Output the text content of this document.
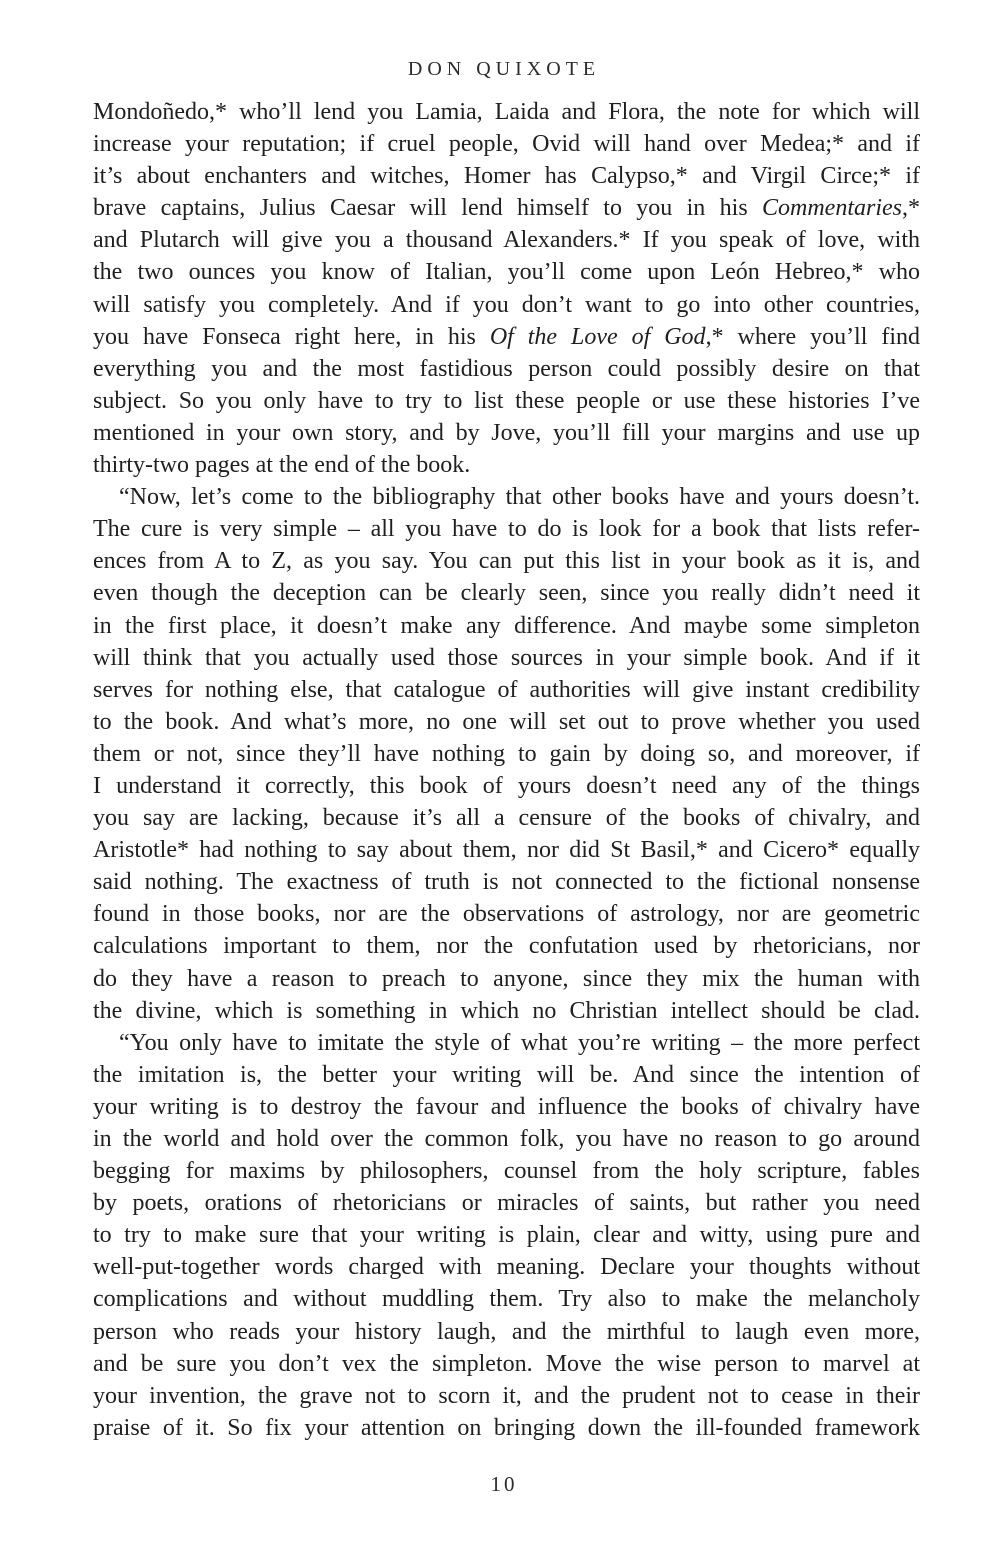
DON QUIXOTE
Mondoñedo,* who’ll lend you Lamia, Laida and Flora, the note for which will
increase your reputation; if cruel people, Ovid will hand over Medea;* and if
it’s about enchanters and witches, Homer has Calypso,* and Virgil Circe;* if
brave captains, Julius Caesar will lend himself to you in his Commentaries,*
and Plutarch will give you a thousand Alexanders.* If you speak of love, with
the two ounces you know of Italian, you’ll come upon León Hebreo,* who
will satisfy you completely. And if you don’t want to go into other countries,
you have Fonseca right here, in his Of the Love of God,* where you’ll find
everything you and the most fastidious person could possibly desire on that
subject. So you only have to try to list these people or use these histories I’ve
mentioned in your own story, and by Jove, you’ll fill your margins and use up
thirty-two pages at the end of the book.
“Now, let’s come to the bibliography that other books have and yours doesn’t.
The cure is very simple – all you have to do is look for a book that lists refer-
ences from A to Z, as you say. You can put this list in your book as it is, and
even though the deception can be clearly seen, since you really didn’t need it
in the first place, it doesn’t make any difference. And maybe some simpleton
will think that you actually used those sources in your simple book. And if it
serves for nothing else, that catalogue of authorities will give instant credibility
to the book. And what’s more, no one will set out to prove whether you used
them or not, since they’ll have nothing to gain by doing so, and moreover, if
I understand it correctly, this book of yours doesn’t need any of the things
you say are lacking, because it’s all a censure of the books of chivalry, and
Aristotle* had nothing to say about them, nor did St Basil,* and Cicero* equally
said nothing. The exactness of truth is not connected to the fictional nonsense
found in those books, nor are the observations of astrology, nor are geometric
calculations important to them, nor the confutation used by rhetoricians, nor
do they have a reason to preach to anyone, since they mix the human with
the divine, which is something in which no Christian intellect should be clad.
“You only have to imitate the style of what you’re writing – the more perfect
the imitation is, the better your writing will be. And since the intention of
your writing is to destroy the favour and influence the books of chivalry have
in the world and hold over the common folk, you have no reason to go around
begging for maxims by philosophers, counsel from the holy scripture, fables
by poets, orations of rhetoricians or miracles of saints, but rather you need
to try to make sure that your writing is plain, clear and witty, using pure and
well-put-together words charged with meaning. Declare your thoughts without
complications and without muddling them. Try also to make the melancholy
person who reads your history laugh, and the mirthful to laugh even more,
and be sure you don’t vex the simpleton. Move the wise person to marvel at
your invention, the grave not to scorn it, and the prudent not to cease in their
praise of it. So fix your attention on bringing down the ill-founded framework
10
